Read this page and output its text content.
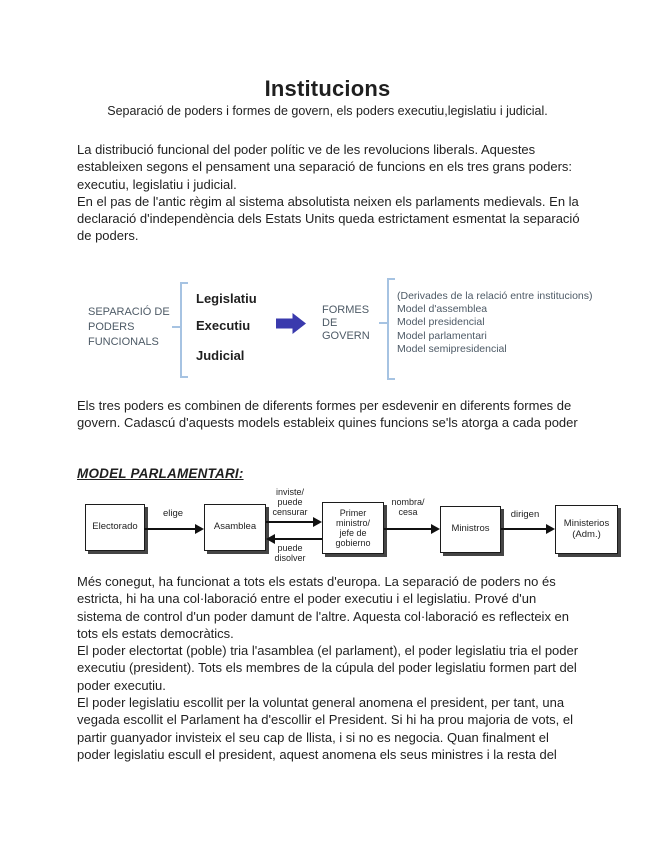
Institucions
Separació de poders i formes de govern, els poders executiu,legislatiu i judicial.
La distribució funcional del poder polític ve de les revolucions liberals. Aquestes
estableixen segons el pensament una separació de funcions en els tres grans poders:
executiu, legislatiu i judicial.
En el pas de l'antic règim al sistema absolutista neixen els parlaments medievals. En la
declaració d'independència dels Estats Units queda estrictament esmentat la separació
de poders.
SEPARACIÓ DE
PODERS
FUNCIONALS
Legislatiu
Executiu
Judicial
FORMES
DE
GOVERN
(Derivades de la relació entre institucions)
Model d'assemblea
Model presidencial
Model parlamentari
Model semipresidencial
Els tres poders es combinen de diferents formes per esdevenir en diferents formes de
govern. Cadascú d'aquests models estableix quines funcions se'ls atorga a cada poder
MODEL PARLAMENTARI:
Electorado	Asamblea
Primer
ministro/
jefe de
gobierno
Ministros	Ministerios
(Adm.)
elige
inviste/
puede
censurar
puede
disolver
nombra/
cesa	dirigen
Més conegut, ha funcionat a tots els estats d'europa. La separació de poders no és
estricta, hi ha una col·laboració entre el poder executiu i el legislatiu. Prové d'un
sistema de control d'un poder damunt de l'altre. Aquesta col·laboració es reflecteix en
tots els estats democràtics.
El poder electortat (poble) tria l'asamblea (el parlament), el poder legislatiu tria el poder
executiu (president). Tots els membres de la cúpula del poder legislatiu formen part del
poder executiu.
El poder legislatiu escollit per la voluntat general anomena el president, per tant, una
vegada escollit el Parlament ha d'escollir el President. Si hi ha prou majoria de vots, el
partir guanyador invisteix el seu cap de llista, i si no es negocia. Quan finalment el
poder legislatiu escull el president, aquest anomena els seus ministres i la resta del
